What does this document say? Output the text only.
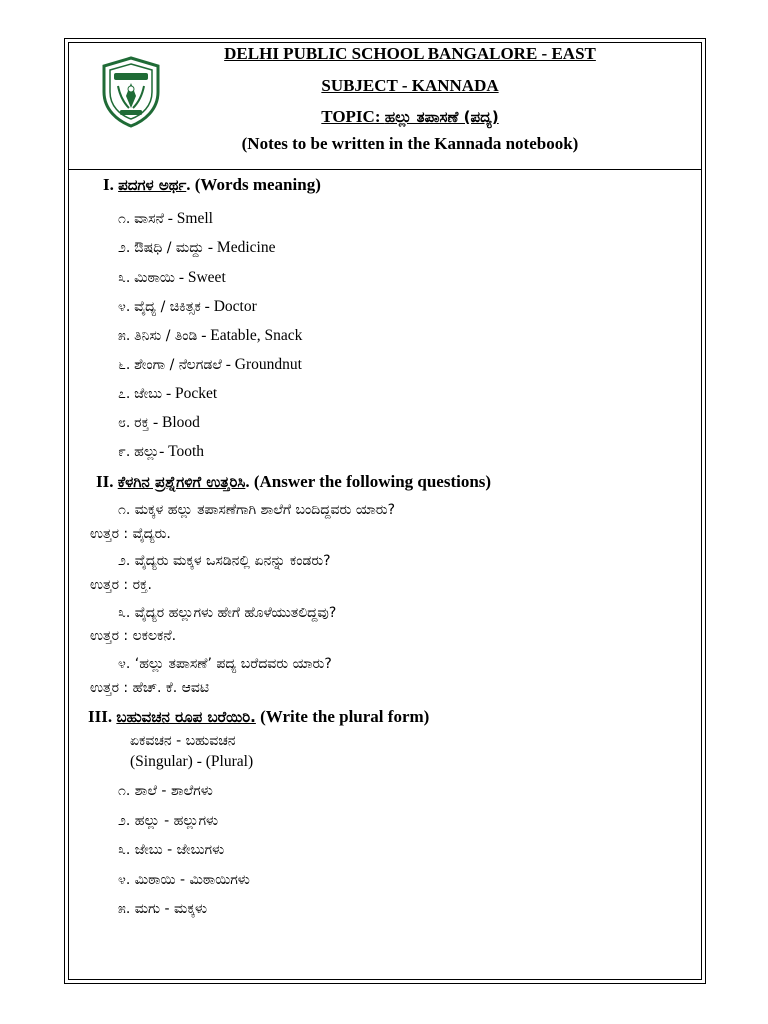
DELHI PUBLIC SCHOOL BANGALORE - EAST
SUBJECT - KANNADA
TOPIC: ಹಲ್ಲು ತಪಾಸಣೆ (ಪದ್ಯ)
(Notes to be written in the Kannada notebook)
I. ಪದಗಳ ಅರ್ಥ. (Words meaning)
೧. ವಾಸನೆ - Smell
೨. ಔಷಧಿ / ಮದ್ದು - Medicine
೩. ಮಿಠಾಯಿ - Sweet
೪. ವೈದ್ಯ / ಚಿಕಿತ್ಸಕ - Doctor
೫. ತಿನಿಸು / ತಿಂಡಿ - Eatable, Snack
೬. ಶೇಂಗಾ / ನೆಲಗಡಲೆ - Groundnut
೭. ಜೇಬು - Pocket
೮. ರಕ್ತ - Blood
೯. ಹಲ್ಲು- Tooth
II. ಕೆಳಗಿನ ಪ್ರಶ್ನೆಗಳಿಗೆ ಉತ್ತರಿಸಿ. (Answer the following questions)
೧. ಮಕ್ಕಳ ಹಲ್ಲು ತಪಾಸಣೆಗಾಗಿ ಶಾಲೆಗೆ ಬಂದಿದ್ದವರು ಯಾರು?
ಉತ್ತರ : ವೈದ್ಯರು.
೨. ವೈದ್ಯರು ಮಕ್ಕಳ ಒಸಡಿನಲ್ಲಿ ಏನನ್ನು ಕಂಡರು?
ಉತ್ತರ : ರಕ್ತ.
೩. ವೈದ್ಯರ ಹಲ್ಲುಗಳು ಹೇಗೆ ಹೊಳೆಯುತಲಿದ್ದವು?
ಉತ್ತರ : ಲಕಲಕನೆ.
೪. ‘ಹಲ್ಲು ತಪಾಸಣೆ’ ಪದ್ಯ ಬರೆದವರು ಯಾರು?
ಉತ್ತರ : ಹೆಚ್. ಕೆ. ಆವಟಿ
III. ಬಹುವಚನ ರೂಪ ಬರೆಯಿರಿ. (Write the plural form)
ಏಕವಚನ - ಬಹುವಚನ
(Singular) - (Plural)
೧. ಶಾಲೆ - ಶಾಲೆಗಳು
೨. ಹಲ್ಲು - ಹಲ್ಲುಗಳು
೩. ಜೇಬು - ಜೇಬುಗಳು
೪. ಮಿಠಾಯಿ - ಮಿಠಾಯಿಗಳು
೫. ಮಗು - ಮಕ್ಕಳು
